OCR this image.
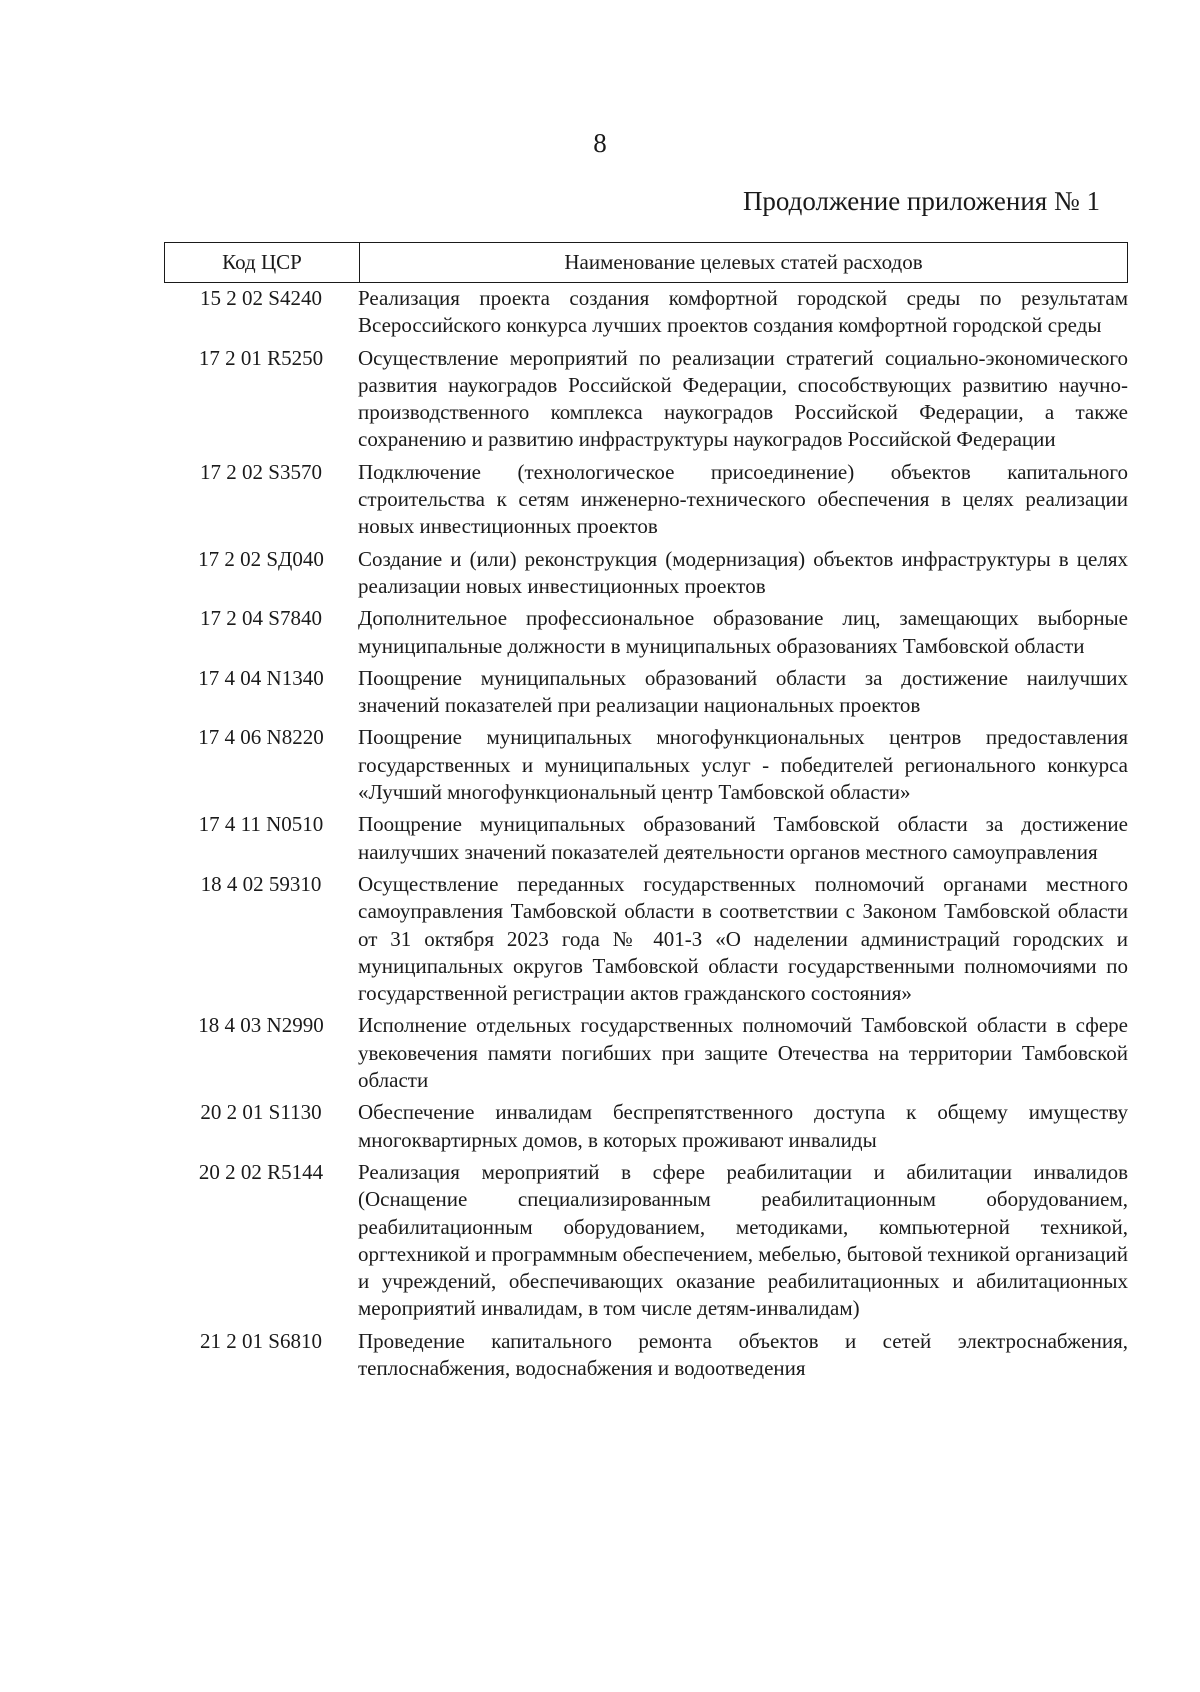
8
Продолжение приложения № 1
Код ЦСР	Наименование целевых статей расходов
15 2 02 S4240	Реализация проекта создания комфортной городской среды по результатам Всероссийского конкурса лучших проектов создания комфортной городской среды
17 2 01 R5250	Осуществление мероприятий по реализации стратегий социально-экономического развития наукоградов Российской Федерации, способствующих развитию научно-производственного комплекса наукоградов Российской Федерации, а также сохранению и развитию инфраструктуры наукоградов Российской Федерации
17 2 02 S3570	Подключение (технологическое присоединение) объектов капитального строительства к сетям инженерно-технического обеспечения в целях реализации новых инвестиционных проектов
17 2 02 SД040	Создание и (или) реконструкция (модернизация) объектов инфраструктуры в целях реализации новых инвестиционных проектов
17 2 04 S7840	Дополнительное профессиональное образование лиц, замещающих выборные муниципальные должности в муниципальных образованиях Тамбовской области
17 4 04 N1340	Поощрение муниципальных образований области за достижение наилучших значений показателей при реализации национальных проектов
17 4 06 N8220	Поощрение муниципальных многофункциональных центров предоставления государственных и муниципальных услуг - победителей регионального конкурса «Лучший многофункциональный центр Тамбовской области»
17 4 11 N0510	Поощрение муниципальных образований Тамбовской области за достижение наилучших значений показателей деятельности органов местного самоуправления
18 4 02 59310	Осуществление переданных государственных полномочий органами местного самоуправления Тамбовской области в соответствии с Законом Тамбовской области от 31 октября 2023 года № 401-З «О наделении администраций городских и муниципальных округов Тамбовской области государственными полномочиями по государственной регистрации актов гражданского состояния»
18 4 03 N2990	Исполнение отдельных государственных полномочий Тамбовской области в сфере увековечения памяти погибших при защите Отечества на территории Тамбовской области
20 2 01 S1130	Обеспечение инвалидам беспрепятственного доступа к общему имуществу многоквартирных домов, в которых проживают инвалиды
20 2 02 R5144	Реализация мероприятий в сфере реабилитации и абилитации инвалидов (Оснащение специализированным реабилитационным оборудованием, реабилитационным оборудованием, методиками, компьютерной техникой, оргтехникой и программным обеспечением, мебелью, бытовой техникой организаций и учреждений, обеспечивающих оказание реабилитационных и абилитационных мероприятий инвалидам, в том числе детям-инвалидам)
21 2 01 S6810	Проведение капитального ремонта объектов и сетей электроснабжения, теплоснабжения, водоснабжения и водоотведения
